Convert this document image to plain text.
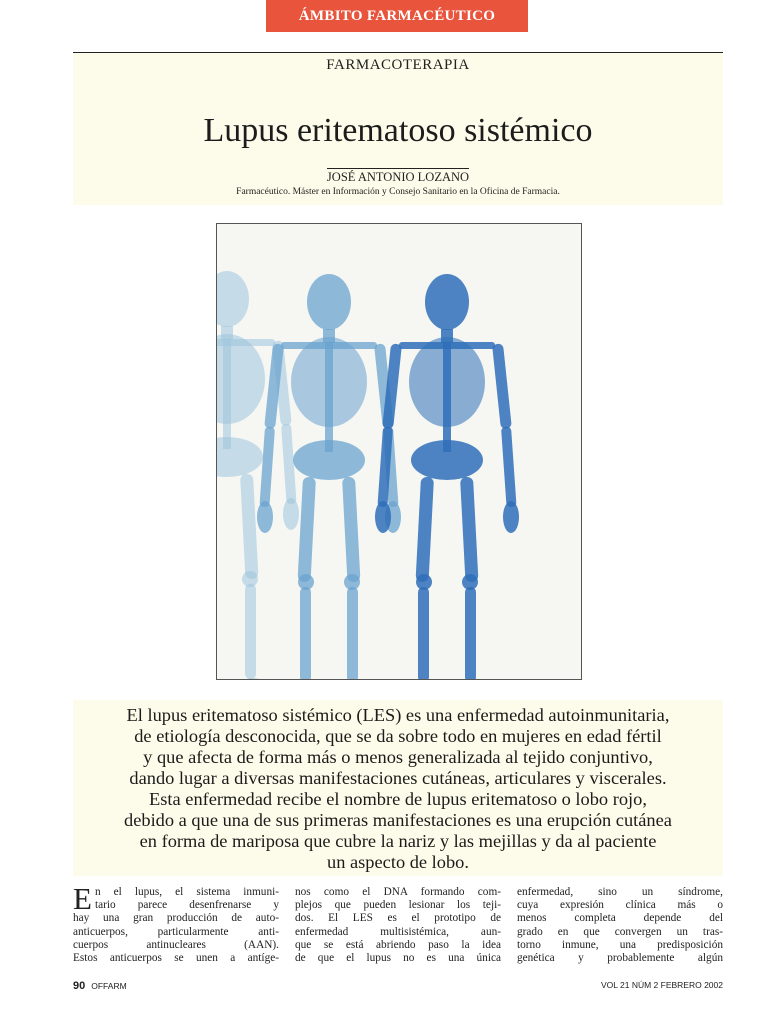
ÁMBITO FARMACÉUTICO
FARMACOTERAPIA
Lupus eritematoso sistémico
JOSÉ ANTONIO LOZANO
Farmacéutico. Máster en Información y Consejo Sanitario en la Oficina de Farmacia.
El lupus eritematoso sistémico (LES) es una enfermedad autoinmunitaria,
de etiología desconocida, que se da sobre todo en mujeres en edad fértil
y que afecta de forma más o menos generalizada al tejido conjuntivo,
dando lugar a diversas manifestaciones cutáneas, articulares y viscerales.
Esta enfermedad recibe el nombre de lupus eritematoso o lobo rojo,
debido a que una de sus primeras manifestaciones es una erupción cutánea
en forma de mariposa que cubre la nariz y las mejillas y da al paciente
un aspecto de lobo.
E n el lupus, el sistema inmuni-
tario parece desenfrenarse y
hay una gran producción de auto-
anticuerpos, particularmente anti-
cuerpos antinucleares (AAN).
Estos anticuerpos se unen a antíge-
nos como el DNA formando com-
plejos que pueden lesionar los teji-
dos. El LES es el prototipo de
enfermedad multisistémica, aun-
que se está abriendo paso la idea
de que el lupus no es una única
enfermedad, sino un síndrome,
cuya expresión clínica más o
menos completa depende del
grado en que convergen un tras-
torno inmune, una predisposición
genética y probablemente algún
90 OFFARM	VOL 21 NÚM 2 FEBRERO 2002
